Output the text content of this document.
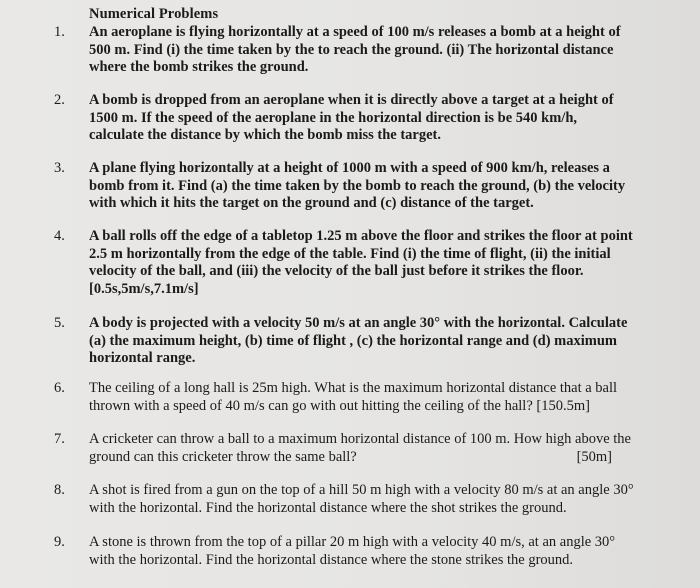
Numerical Problems
1. An aeroplane is flying horizontally at a speed of 100 m/s releases a bomb at a height of 500 m. Find (i) the time taken by the to reach the ground. (ii) The horizontal distance where the bomb strikes the ground.
2. A bomb is dropped from an aeroplane when it is directly above a target at a height of 1500 m. If the speed of the aeroplane in the horizontal direction is be 540 km/h, calculate the distance by which the bomb miss the target.
3. A plane flying horizontally at a height of 1000 m with a speed of 900 km/h, releases a bomb from it. Find (a) the time taken by the bomb to reach the ground, (b) the velocity with which it hits the target on the ground and (c) distance of the target.
4. A ball rolls off the edge of a tabletop 1.25 m above the floor and strikes the floor at point 2.5 m horizontally from the edge of the table. Find (i) the time of flight, (ii) the initial velocity of the ball, and (iii) the velocity of the ball just before it strikes the floor. [0.5s,5m/s,7.1m/s]
5. A body is projected with a velocity 50 m/s at an angle 30° with the horizontal. Calculate (a) the maximum height, (b) time of flight , (c) the horizontal range and (d) maximum horizontal range.
6. The ceiling of a long hall is 25m high. What is the maximum horizontal distance that a ball thrown with a speed of 40 m/s can go with out hitting the ceiling of the hall? [150.5m]
7. A cricketer can throw a ball to a maximum horizontal distance of 100 m. How high above the ground can this cricketer throw the same ball?	[50m]
8. A shot is fired from a gun on the top of a hill 50 m high with a velocity 80 m/s at an angle 30° with the horizontal. Find the horizontal distance where the shot strikes the ground.
9. A stone is thrown from the top of a pillar 20 m high with a velocity 40 m/s, at an angle 30° with the horizontal. Find the horizontal distance where the stone strikes the ground.
